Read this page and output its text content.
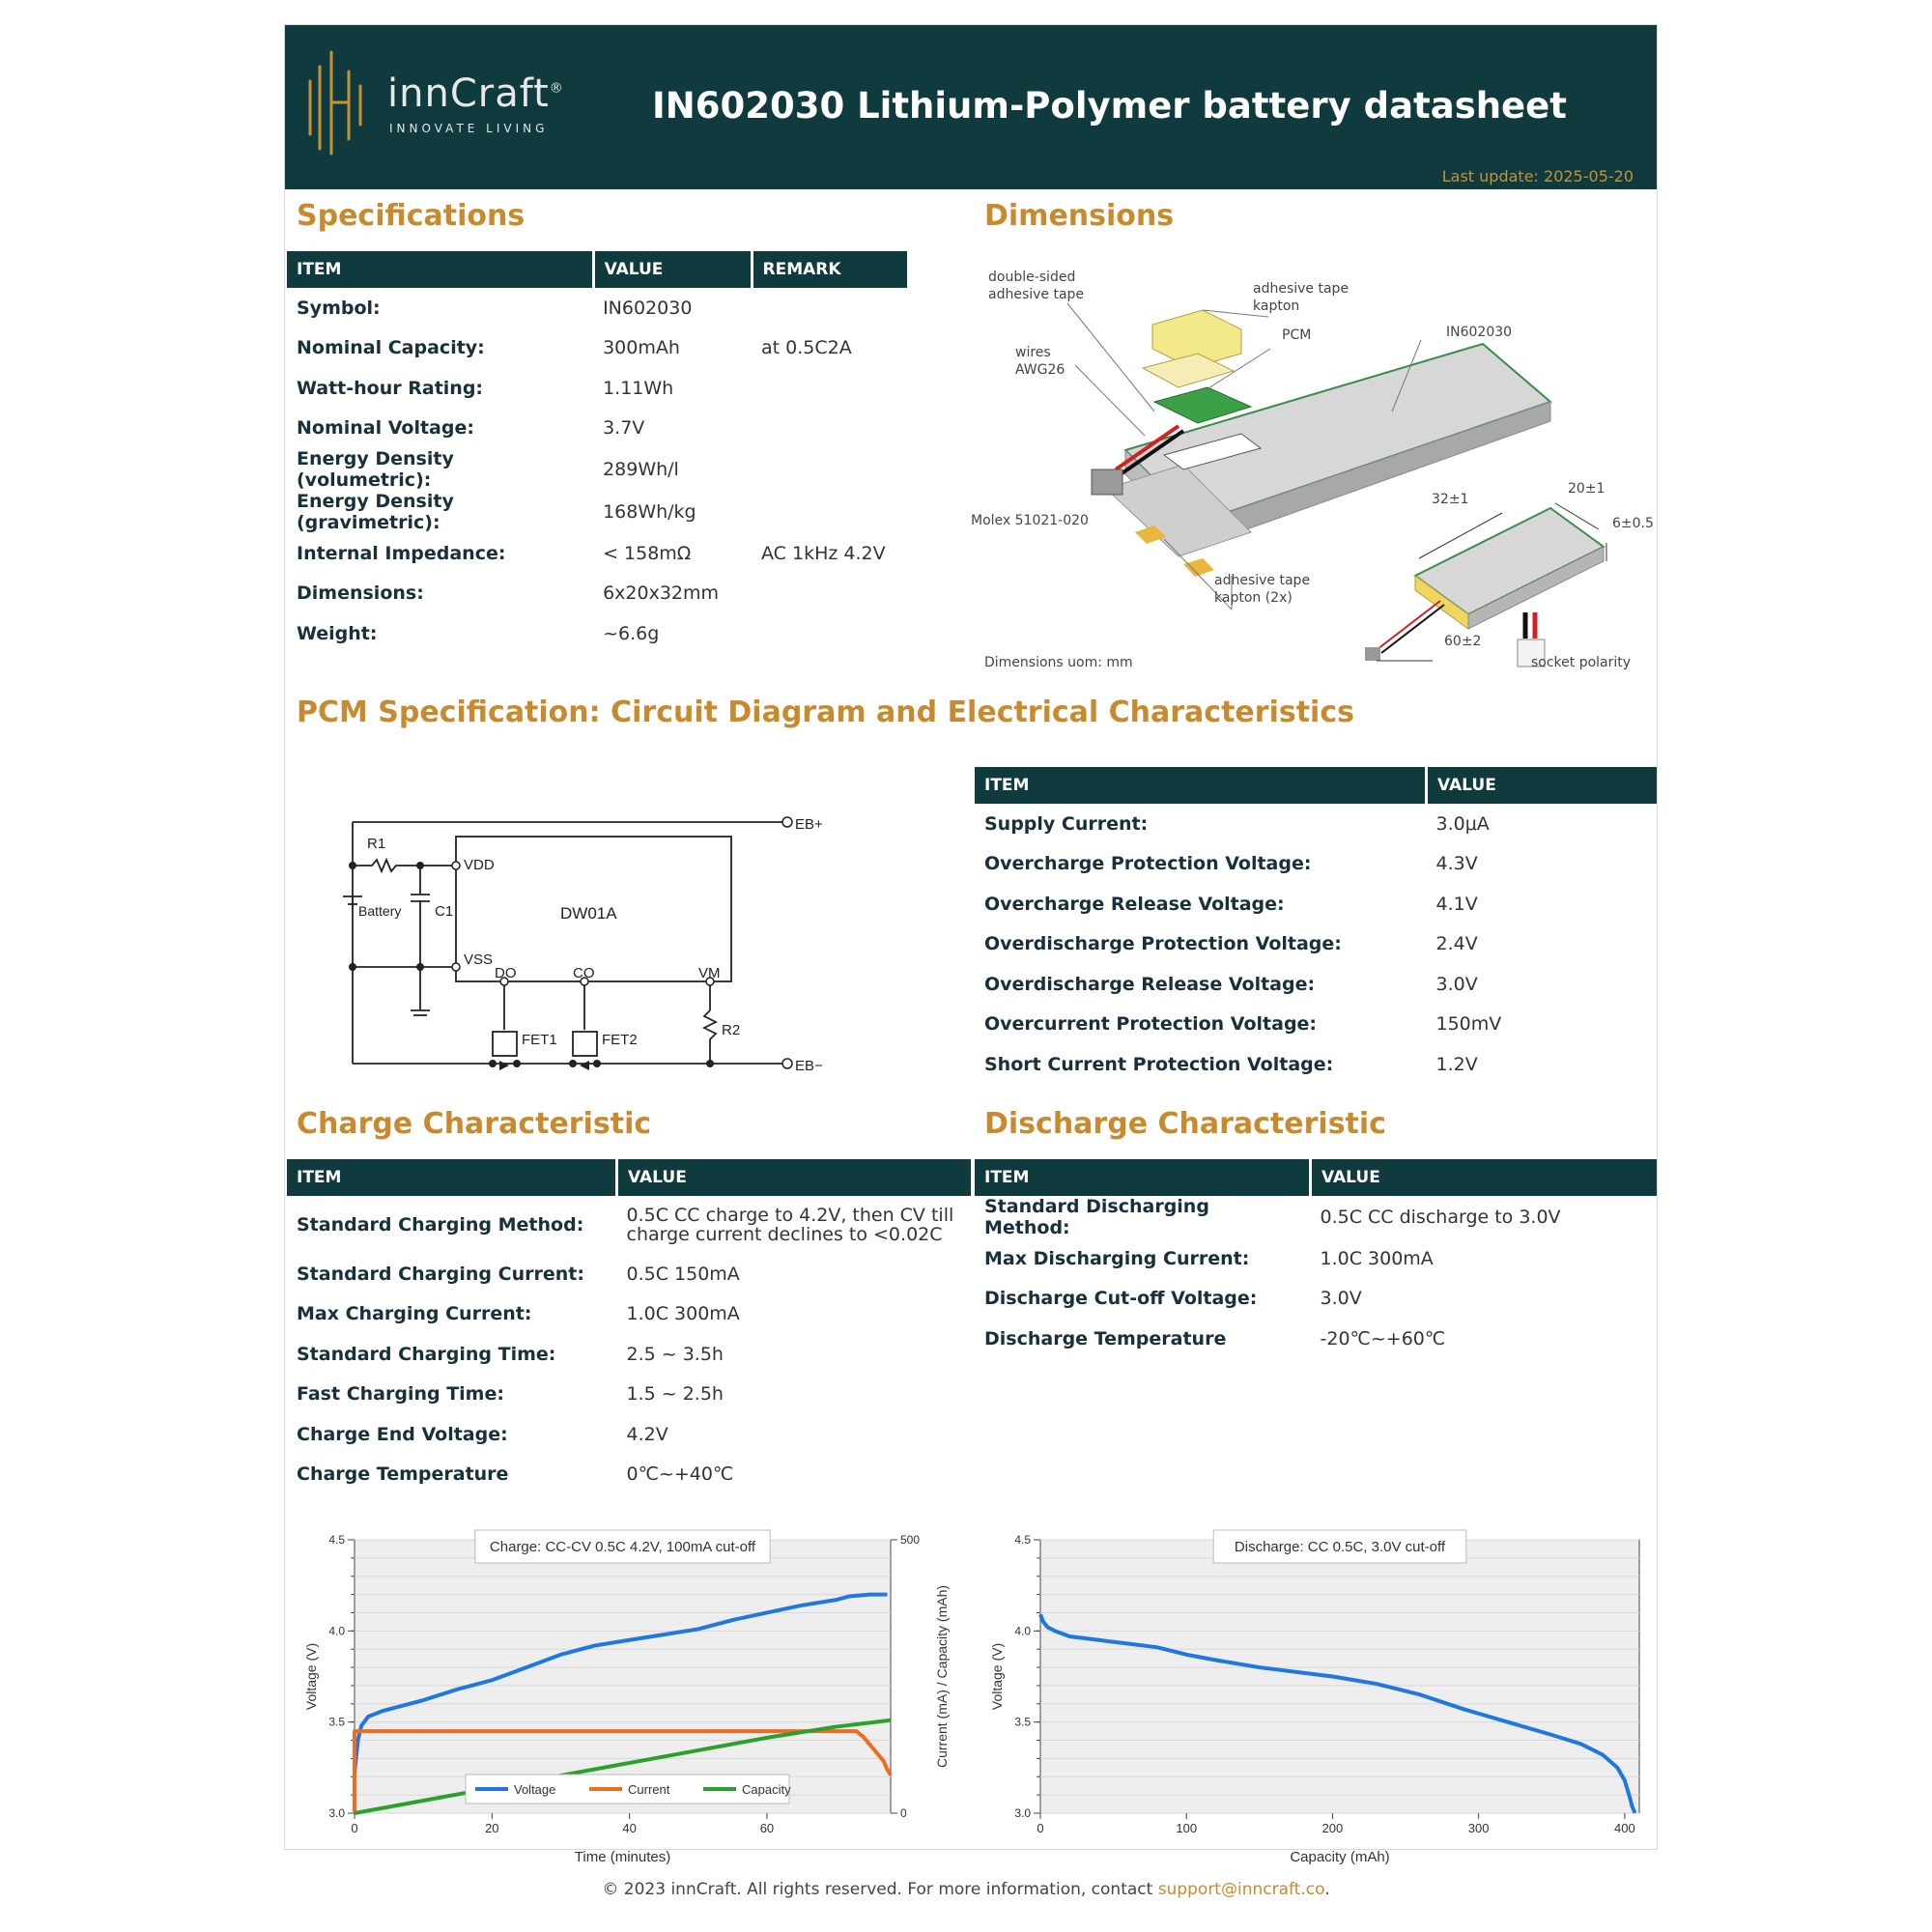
innCraft®
INNOVATE LIVING
IN602030 Lithium-Polymer battery datasheet
Last update: 2025-05-20
Specifications
ITEM	VALUE	REMARK
Symbol:	IN602030	
Nominal Capacity:	300mAh	at 0.5C2A
Watt-hour Rating:	1.11Wh	
Nominal Voltage:	3.7V	
Energy Density (volumetric):	289Wh/l	
Energy Density (gravimetric):	168Wh/kg	
Internal Impedance:	< 158mΩ	AC 1kHz 4.2V
Dimensions:	6x20x32mm	
Weight:	~6.6g	
Dimensions
double-sided
adhesive tape	adhesive tape
kapton
PCM	IN602030
wires
AWG26
Molex 51021-020
adhesive tape
kapton (2x)
32±1
20±1
6±0.5
60±2
socket polarity
Dimensions uom: mm
PCM Specification: Circuit Diagram and Electrical Characteristics
R1
Battery C1
VDD
VSS
DW01A
DO	CO	VM
R2
FET1	FET2
EB+
EB−
ITEM	VALUE
Supply Current:	3.0μA
Overcharge Protection Voltage:	4.3V
Overcharge Release Voltage:	4.1V
Overdischarge Protection Voltage:	2.4V
Overdischarge Release Voltage:	3.0V
Overcurrent Protection Voltage:	150mV
Short Current Protection Voltage:	1.2V
Charge Characteristic
ITEM	VALUE
Standard Charging Method:	0.5C CC charge to 4.2V, then CV till
charge current declines to <0.02C

Standard Charging Current:	0.5C 150mA
Max Charging Current:	1.0C 300mA
Standard Charging Time:	2.5 ~ 3.5h
Fast Charging Time:	1.5 ~ 2.5h
Charge End Voltage:	4.2V
Charge Temperature	0℃~+40℃
Discharge Characteristic
ITEM	VALUE
Standard Discharging Method:	0.5C CC discharge to 3.0V
Max Discharging Current:	1.0C 300mA
Discharge Cut-off Voltage:	3.0V
Discharge Temperature	-20℃~+60℃
3.0
3.5
4.0
4.5
0	20	40	60
0
500
Current (mA) / Capacity (mAh)
Time (minutes)
Voltage (V)
Charge: CC-CV 0.5C 4.2V, 100mA cut-off
Voltage	Current	Capacity
3.0
3.5
4.0
4.5
0	100	200	300	400
Capacity (mAh)
Voltage (V)
Discharge: CC 0.5C, 3.0V cut-off
© 2023 innCraft. All rights reserved. For more information, contact support@inncraft.co.
